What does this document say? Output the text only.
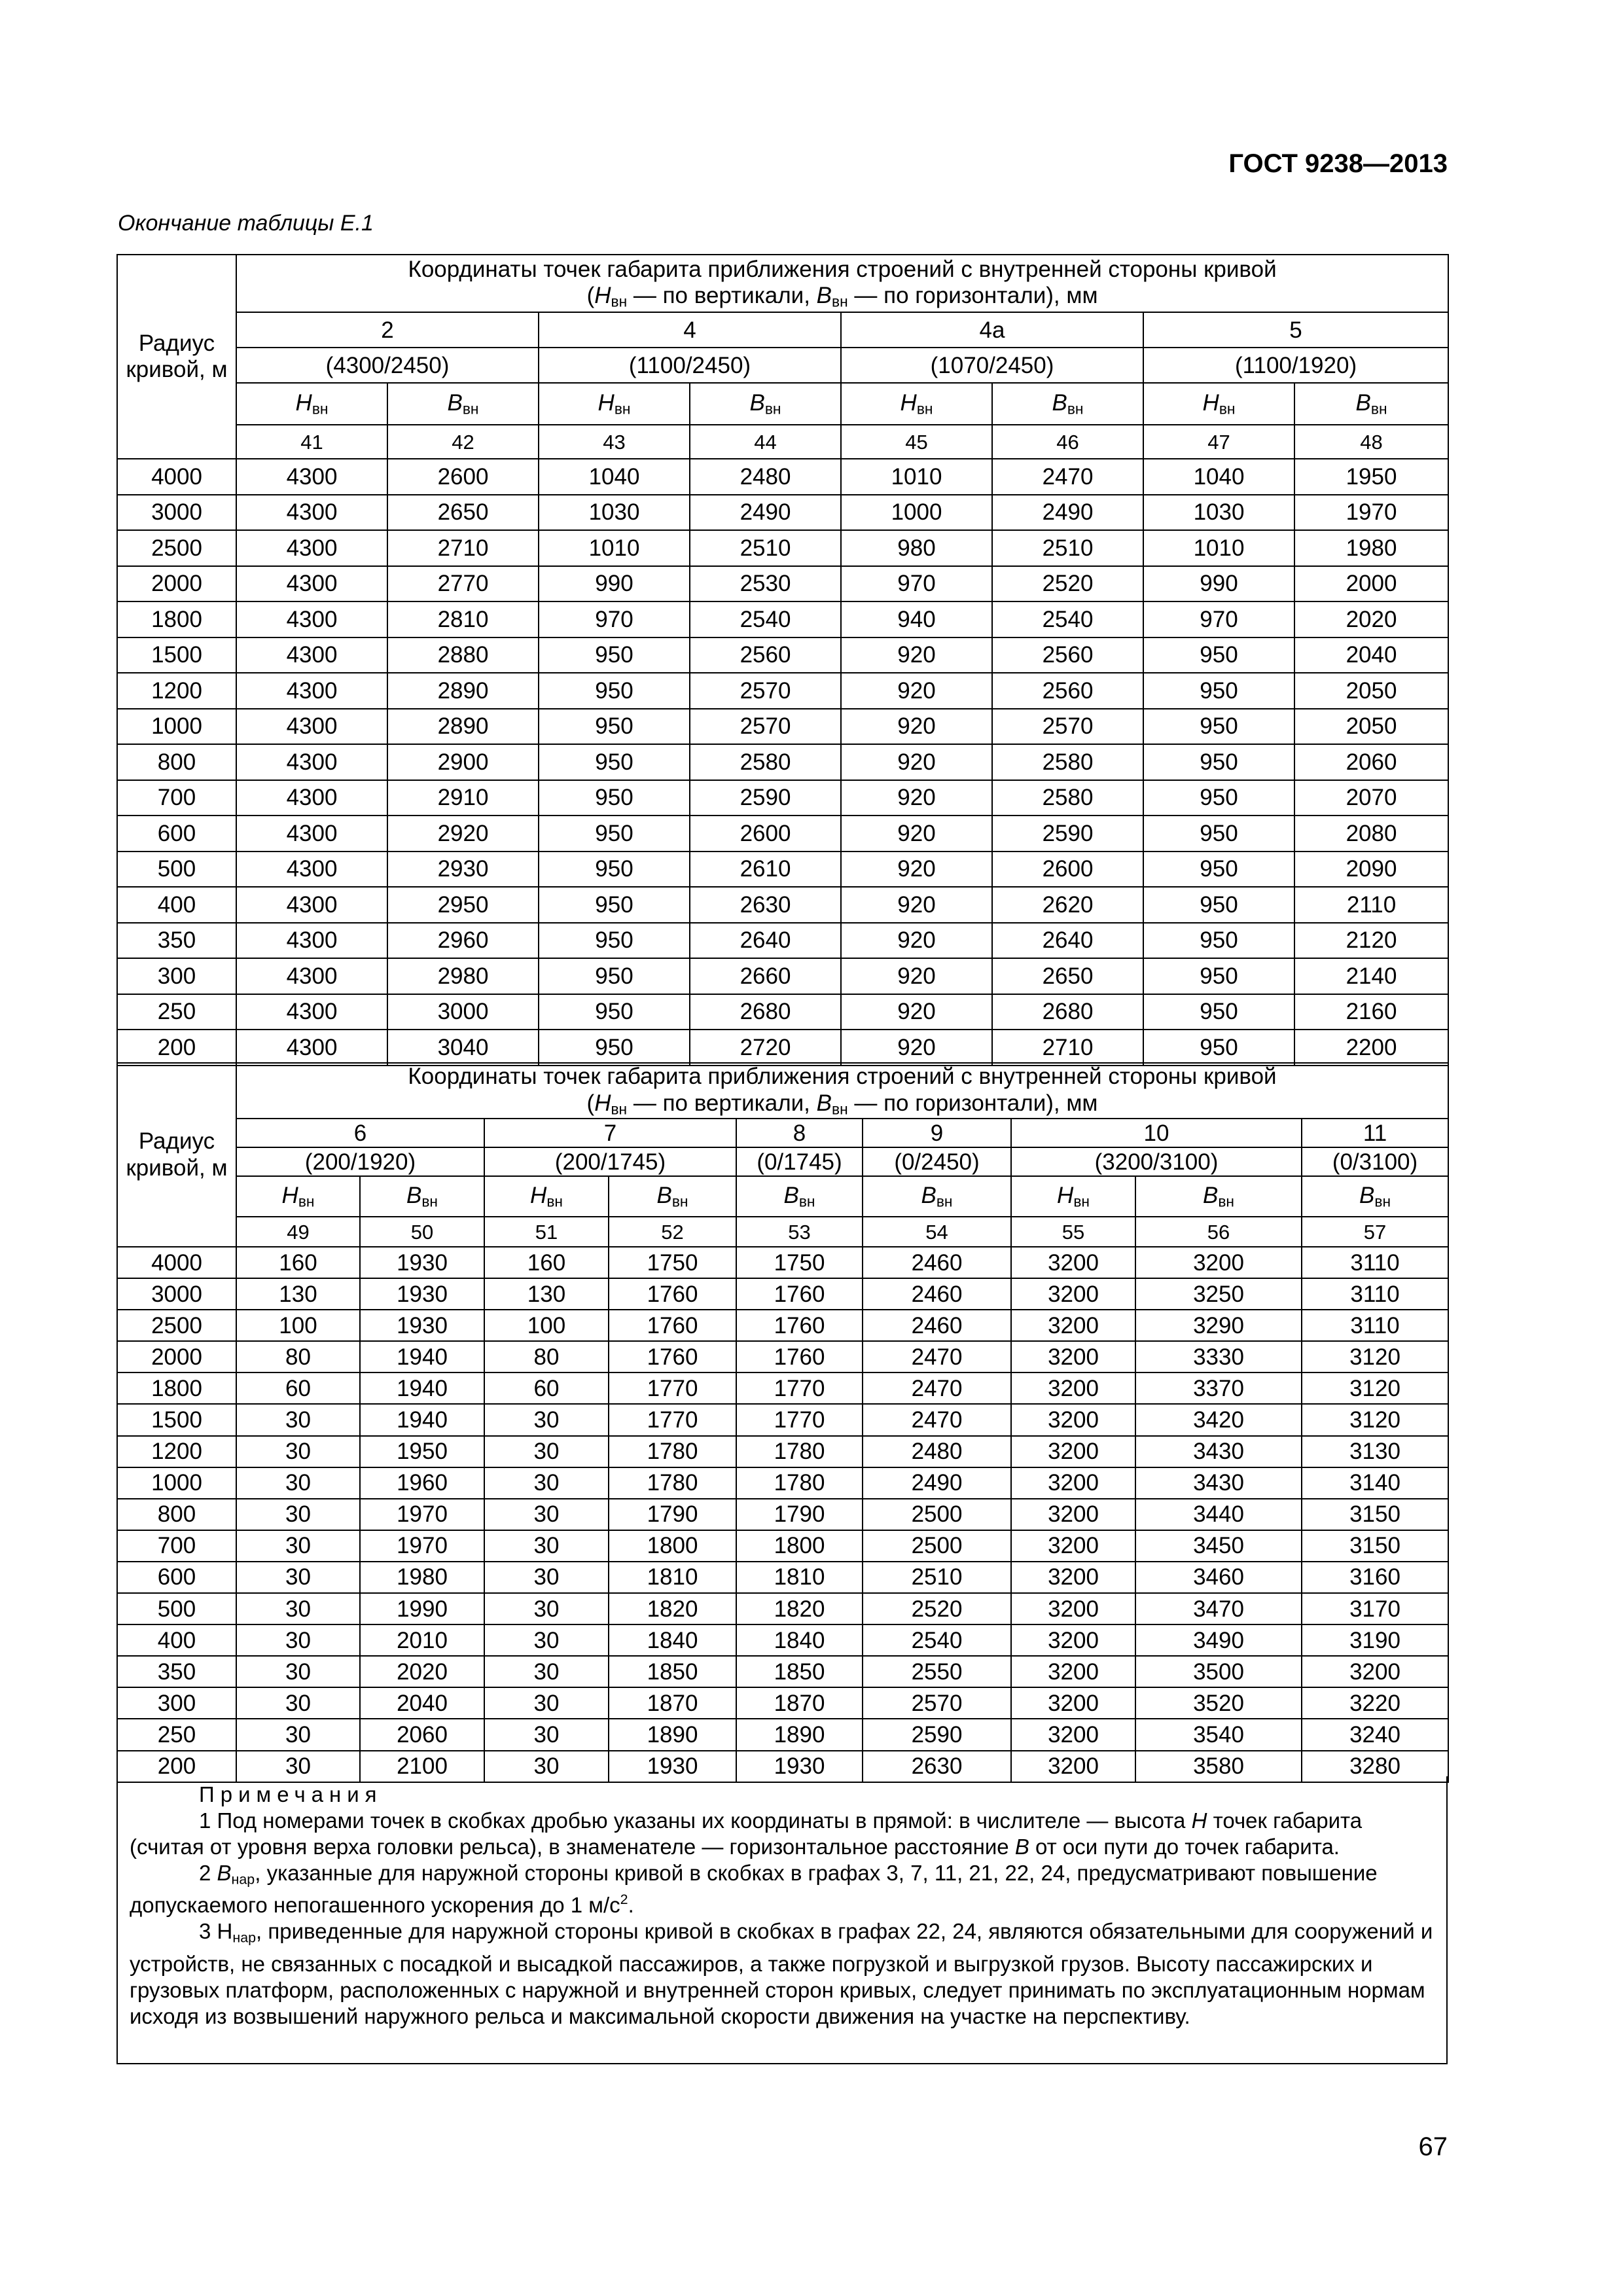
ГОСТ 9238—2013
Окончание таблицы Е.1
Радиус кривой, м	Координаты точек габарита приближения строений с внутренней стороны кривой
($H_{вн}$ — по вертикали, $B_{вн}$ — по горизонтали), мм							
	2		4		4а		5	
	(4300/2450)		(1100/2450)		(1070/2450)		(1100/1920)	
	$H_{вн}$	$B_{вн}$	$H_{вн}$	$B_{вн}$	$H_{вн}$	$B_{вн}$	$H_{вн}$	$B_{вн}$
	41	42	43	44	45	46	47	48
4000	4300	2600	1040	2480	1010	2470	1040	1950
3000	4300	2650	1030	2490	1000	2490	1030	1970
2500	4300	2710	1010	2510	980	2510	1010	1980
2000	4300	2770	990	2530	970	2520	990	2000
1800	4300	2810	970	2540	940	2540	970	2020
1500	4300	2880	950	2560	920	2560	950	2040
1200	4300	2890	950	2570	920	2560	950	2050
1000	4300	2890	950	2570	920	2570	950	2050
800	4300	2900	950	2580	920	2580	950	2060
700	4300	2910	950	2590	920	2580	950	2070
600	4300	2920	950	2600	920	2590	950	2080
500	4300	2930	950	2610	920	2600	950	2090
400	4300	2950	950	2630	920	2620	950	2110
350	4300	2960	950	2640	920	2640	950	2120
300	4300	2980	950	2660	920	2650	950	2140
250	4300	3000	950	2680	920	2680	950	2160
200	4300	3040	950	2720	920	2710	950	2200
Радиус кривой, м	Координаты точек габарита приближения строений с внутренней стороны кривой
($H_{вн}$ — по вертикали, $B_{вн}$ — по горизонтали), мм								
	6		7		8	9	10		11
	(200/1920)		(200/1745)		(0/1745)	(0/2450)	(3200/3100)		(0/3100)
	$H_{вн}$	$B_{вн}$	$H_{вн}$	$B_{вн}$	$B_{вн}$	$B_{вн}$	$H_{вн}$	$B_{вн}$	$B_{вн}$
	49	50	51	52	53	54	55	56	57
4000	160	1930	160	1750	1750	2460	3200	3200	3110
3000	130	1930	130	1760	1760	2460	3200	3250	3110
2500	100	1930	100	1760	1760	2460	3200	3290	3110
2000	80	1940	80	1760	1760	2470	3200	3330	3120
1800	60	1940	60	1770	1770	2470	3200	3370	3120
1500	30	1940	30	1770	1770	2470	3200	3420	3120
1200	30	1950	30	1780	1780	2480	3200	3430	3130
1000	30	1960	30	1780	1780	2490	3200	3430	3140
800	30	1970	30	1790	1790	2500	3200	3440	3150
700	30	1970	30	1800	1800	2500	3200	3450	3150
600	30	1980	30	1810	1810	2510	3200	3460	3160
500	30	1990	30	1820	1820	2520	3200	3470	3170
400	30	2010	30	1840	1840	2540	3200	3490	3190
350	30	2020	30	1850	1850	2550	3200	3500	3200
300	30	2040	30	1870	1870	2570	3200	3520	3220
250	30	2060	30	1890	1890	2590	3200	3540	3240
200	30	2100	30	1930	1930	2630	3200	3580	3280
Примечания

1 Под номерами точек в скобках дробью указаны их координаты в прямой: в числителе — высота H точек габарита (считая от уровня верха головки рельса), в знаменателе — горизонтальное расстояние B от оси пути до точек габарита.

2 $B_{нар}$, указанные для наружной стороны кривой в скобках в графах 3, 7, 11, 21, 22, 24, предусматривают повышение допускаемого непогашенного ускорения до 1 $м/с^2$.

3 $H_{нар}$, приведенные для наружной стороны кривой в скобках в графах 22, 24, являются обязательными для сооружений и устройств, не связанных с посадкой и высадкой пассажиров, а также погрузкой и выгрузкой грузов. Высоту пассажирских и грузовых платформ, расположенных с наружной и внутренней сторон кривых, следует принимать по эксплуатационным нормам исходя из возвышений наружного рельса и максимальной скорости движения на участке на перспективу.

67
